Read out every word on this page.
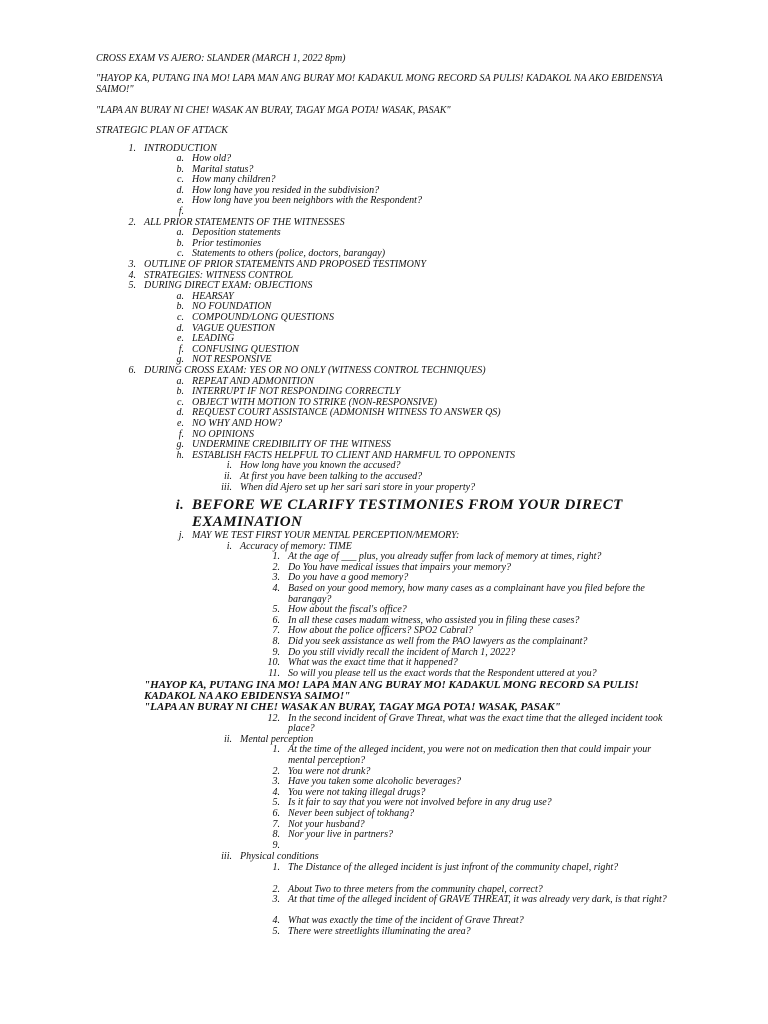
CROSS EXAM VS AJERO: SLANDER (MARCH 1, 2022 8pm)
"HAYOP KA, PUTANG INA MO! LAPA MAN ANG BURAY MO! KADAKUL MONG RECORD SA PULIS! KADAKOL NA AKO EBIDENSYA SAIMO!"
"LAPA AN BURAY NI CHE! WASAK AN BURAY, TAGAY MGA POTA! WASAK, PASAK"
STRATEGIC PLAN OF ATTACK
1. INTRODUCTION
a. How old?
b. Marital status?
c. How many children?
d. How long have you resided in the subdivision?
e. How long have you been neighbors with the Respondent?
f.
2. ALL PRIOR STATEMENTS OF THE WITNESSES
a. Deposition statements
b. Prior testimonies
c. Statements to others (police, doctors, barangay)
3. OUTLINE OF PRIOR STATEMENTS AND PROPOSED TESTIMONY
4. STRATEGIES: WITNESS CONTROL
5. DURING DIRECT EXAM: OBJECTIONS
a. HEARSAY
b. NO FOUNDATION
c. COMPOUND/LONG QUESTIONS
d. VAGUE QUESTION
e. LEADING
f. CONFUSING QUESTION
g. NOT RESPONSIVE
6. DURING CROSS EXAM: YES OR NO ONLY (WITNESS CONTROL TECHNIQUES)
a. REPEAT AND ADMONITION
b. INTERRUPT IF NOT RESPONDING CORRECTLY
c. OBJECT WITH MOTION TO STRIKE (NON-RESPONSIVE)
d. REQUEST COURT ASSISTANCE (ADMONISH WITNESS TO ANSWER QS)
e. NO WHY AND HOW?
f. NO OPINIONS
g. UNDERMINE CREDIBILITY OF THE WITNESS
h. ESTABLISH FACTS HELPFUL TO CLIENT AND HARMFUL TO OPPONENTS
i. How long have you known the accused?
ii. At first you have been talking to the accused?
iii. When did Ajero set up her sari sari store in your property?
i. BEFORE WE CLARIFY TESTIMONIES FROM YOUR DIRECT EXAMINATION
j. MAY WE TEST FIRST YOUR MENTAL PERCEPTION/MEMORY:
i. Accuracy of memory: TIME
1. At the age of ___ plus, you already suffer from lack of memory at times, right?
2. Do You have medical issues that impairs your memory?
3. Do you have a good memory?
4. Based on your good memory, how many cases as a complainant have you filed before the barangay?
5. How about the fiscal's office?
6. In all these cases madam witness, who assisted you in filing these cases?
7. How about the police officers? SPO2 Cabral?
8. Did you seek assistance as well from the PAO lawyers as the complainant?
9. Do you still vividly recall the incident of March 1, 2022?
10. What was the exact time that it happened?
11. So will you please tell us the exact words that the Respondent uttered at you?
"HAYOP KA, PUTANG INA MO! LAPA MAN ANG BURAY MO! KADAKUL MONG RECORD SA PULIS! KADAKOL NA AKO EBIDENSYA SAIMO!"
"LAPA AN BURAY NI CHE! WASAK AN BURAY, TAGAY MGA POTA! WASAK, PASAK"
12. In the second incident of Grave Threat, what was the exact time that the alleged incident took place?
ii. Mental perception
1. At the time of the alleged incident, you were not on medication then that could impair your mental perception?
2. You were not drunk?
3. Have you taken some alcoholic beverages?
4. You were not taking illegal drugs?
5. Is it fair to say that you were not involved before in any drug use?
6. Never been subject of tokhang?
7. Not your husband?
8. Nor your live in partners?
9.
iii. Physical conditions
1. The Distance of the alleged incident is just infront of the community chapel, right?
2. About Two to three meters from the community chapel, correct?
3. At that time of the alleged incident of GRAVE THREAT, it was already very dark, is that right?
4. What was exactly the time of the incident of Grave Threat?
5. There were streetlights illuminating the area?
